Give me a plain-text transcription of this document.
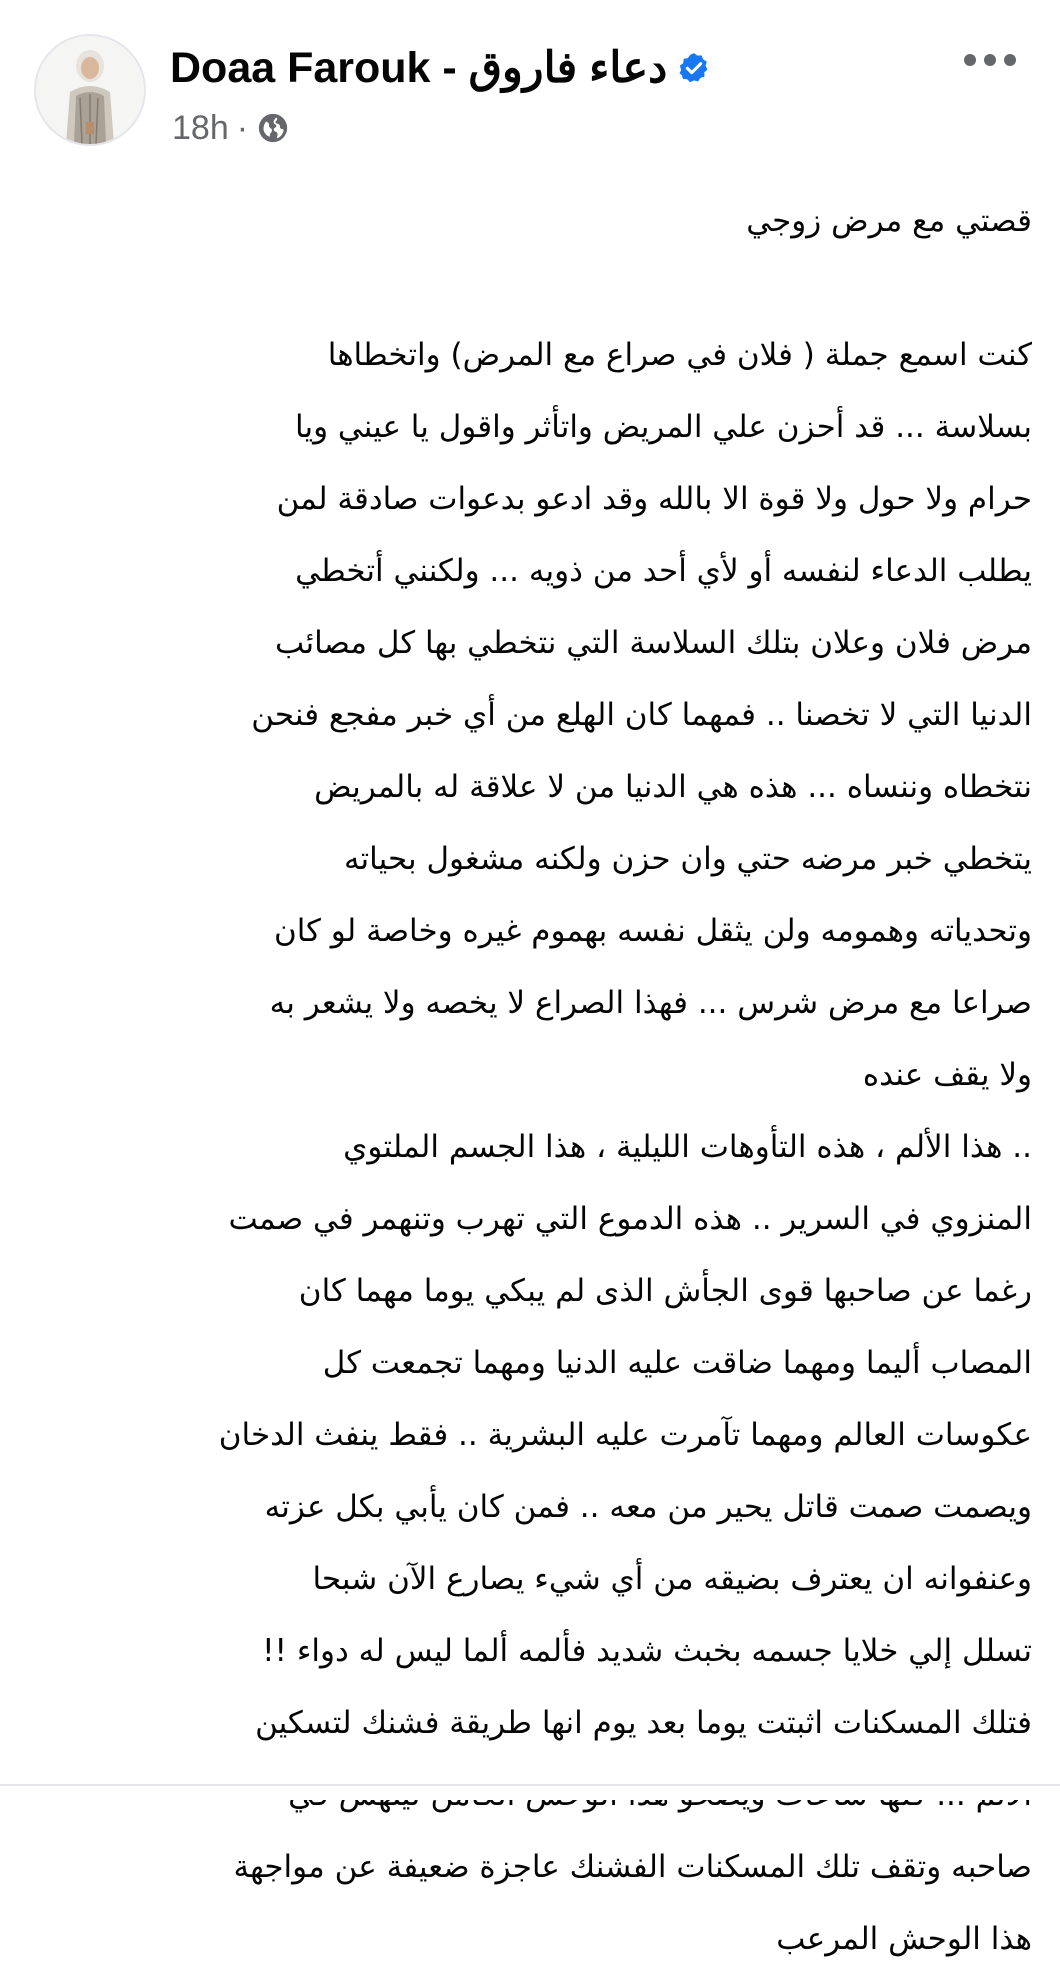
Doaa Farouk - دعاء فاروق
18h ·
قصتي مع مرض زوجي
كنت اسمع جملة ( فلان في صراع مع المرض) واتخطاها
بسلاسة ... قد أحزن علي المريض واتأثر واقول يا عيني ويا
حرام ولا حول ولا قوة الا بالله وقد ادعو بدعوات صادقة لمن
يطلب الدعاء لنفسه أو لأي أحد من ذويه ... ولكنني أتخطي
مرض فلان وعلان بتلك السلاسة التي نتخطي بها كل مصائب
الدنيا التي لا تخصنا .. فمهما كان الهلع من أي خبر مفجع فنحن
نتخطاه وننساه ... هذه هي الدنيا من لا علاقة له بالمريض
يتخطي خبر مرضه حتي وان حزن ولكنه مشغول بحياته
وتحدياته وهمومه ولن يثقل نفسه بهموم غيره وخاصة لو كان
صراعا مع مرض شرس ... فهذا الصراع لا يخصه ولا يشعر به
ولا يقف عنده
.. هذا الألم ، هذه التأوهات الليلية ، هذا الجسم الملتوي
المنزوي في السرير .. هذه الدموع التي تهرب وتنهمر في صمت
رغما عن صاحبها قوى الجأش الذى لم يبكي يوما مهما كان
المصاب أليما ومهما ضاقت عليه الدنيا ومهما تجمعت كل
عكوسات العالم ومهما تآمرت عليه البشرية .. فقط ينفث الدخان
ويصمت صمت قاتل يحير من معه .. فمن كان يأبي بكل عزته
وعنفوانه ان يعترف بضيقه من أي شيء يصارع الآن شبحا
تسلل إلي خلايا جسمه بخبث شديد فألمه ألما ليس له دواء !!
فتلك المسكنات اثبتت يوما بعد يوم انها طريقة فشنك لتسكين
صاحبه وتقف تلك المسكنات الفشنك عاجزة ضعيفة عن مواجهة
هذا الوحش المرعب
